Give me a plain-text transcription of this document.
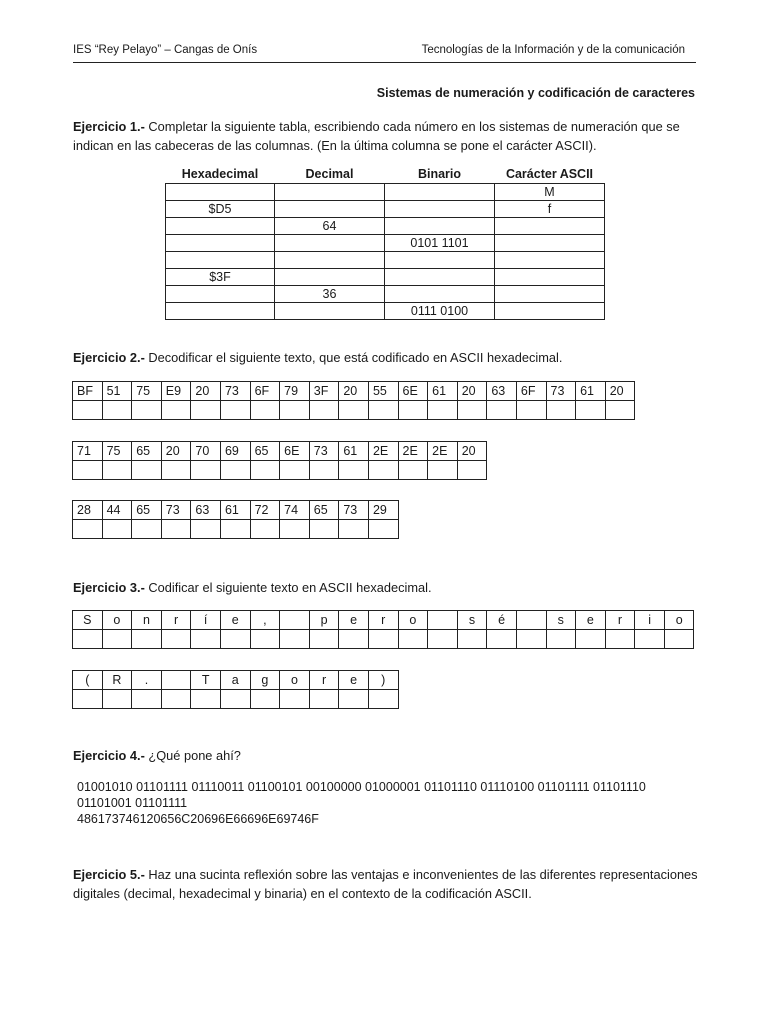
IES “Rey Pelayo” – Cangas de Onís	Tecnologías de la Información y de la comunicación
Sistemas de numeración y codificación de caracteres
Ejercicio 1.- Completar la siguiente tabla, escribiendo cada número en los sistemas de numeración que se indican en las cabeceras de las columnas. (En la última columna se pone el carácter ASCII).
Hexadecimal	Decimal	Binario	Carácter ASCII
			M
$D5			f
	64		
		0101 1101	

$3F			
	36		
		0111 0100	
Ejercicio 2.- Decodificar el siguiente texto, que está codificado en ASCII hexadecimal.
BF	51	75	E9	20	73	6F	79	3F	20	55	6E	61	20	63	6F	73	61	20

71	75	65	20	70	69	65	6E	73	61	2E	2E	2E	20

28	44	65	73	63	61	72	74	65	73	29

Ejercicio 3.- Codificar el siguiente texto en ASCII hexadecimal.
S	o	n	r	í	e	,		p	e	r	o		s	é		s	e	r	i	o

(	R	.		T	a	g	o	r	e	)

Ejercicio 4.- ¿Qué pone ahí?
01001010 01101111 01110011 01100101 00100000 01000001 01101110 01110100 01101111 01101110
01101001 01101111
486173746120656C20696E66696E69746F
Ejercicio 5.- Haz una sucinta reflexión sobre las ventajas e inconvenientes de las diferentes representaciones digitales (decimal, hexadecimal y binaria) en el contexto de la codificación ASCII.
